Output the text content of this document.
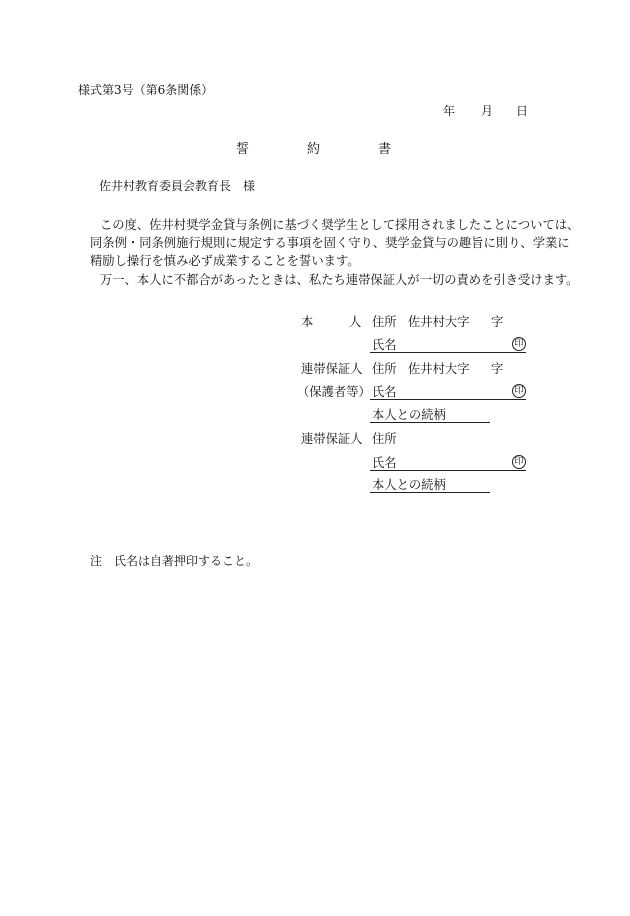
様式第3号（第6条関係）
年 月 日
誓	約	書
佐井村教育委員会教育長　様
この度、佐井村奨学金貸与条例に基づく奨学生として採用されましたことについては、
同条例・同条例施行規則に規定する事項を固く守り、奨学金貸与の趣旨に則り、学業に
精励し操行を慎み必ず成業することを誓います。
万一、本人に不都合があったときは、私たち連帯保証人が一切の責めを引き受けます。
本	人 住所 佐井村大字 字
氏名	印
連帯保証人 住所 佐井村大字 字
（保護者等） 氏名	印
本人との続柄
連帯保証人 住所
氏名	印
本人との続柄
注　氏名は自著押印すること。
